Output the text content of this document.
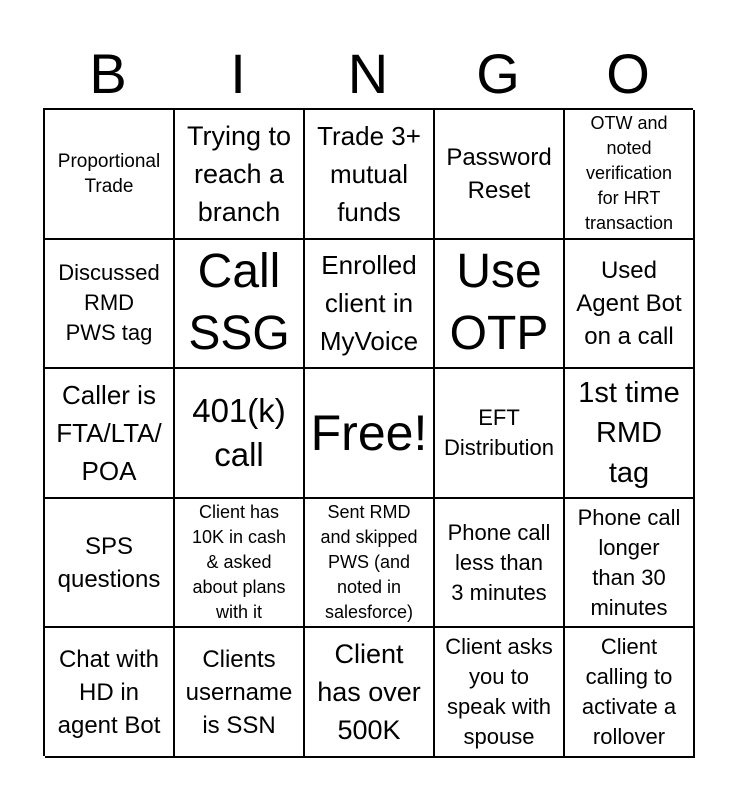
B	I	N	G	O
Proportional
Trade
Trying to
reach a
branch
Trade 3+
mutual
funds
Password
Reset
OTW and
noted
verification
for HRT
transaction
Discussed
RMD
PWS tag
Call
SSG
Enrolled
client in
MyVoice
Use
OTP
Used
Agent Bot
on a call
Caller is
FTA/LTA/
POA
401(k)
call Free!	EFT
Distribution
1st time
RMD
tag
SPS
questions
Client has
10K in cash
& asked
about plans
with it
Sent RMD
and skipped
PWS (and
noted in
salesforce)
Phone call
less than
3 minutes
Phone call
longer
than 30
minutes
Chat with
HD in
agent Bot
Clients
username
is SSN
Client
has over
500K
Client asks
you to
speak with
spouse
Client
calling to
activate a
rollover
